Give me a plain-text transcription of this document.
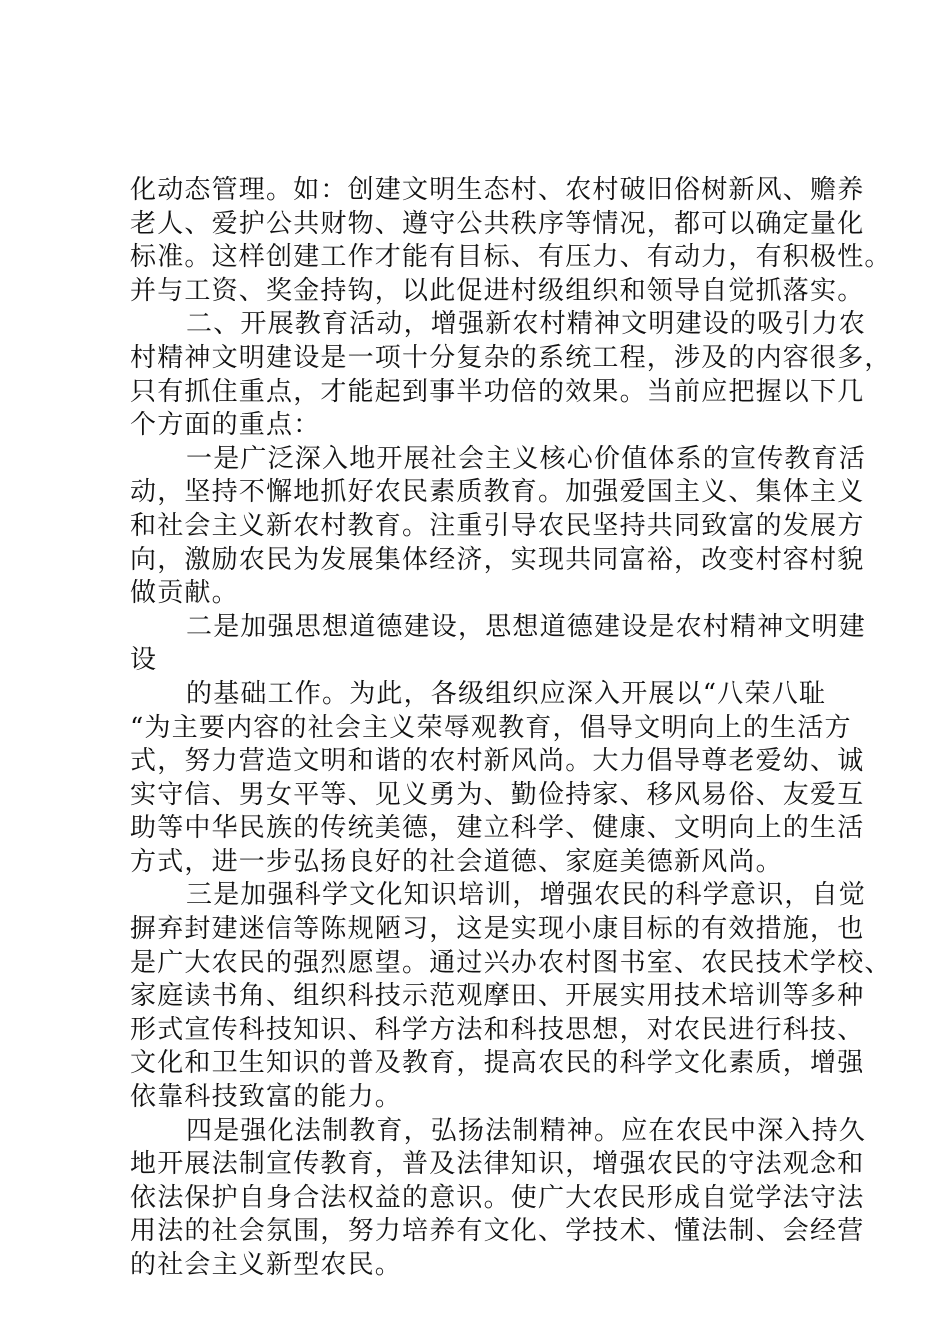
化动态管理。如：创建文明生态村、农村破旧俗树新风、赡养
老人、爱护公共财物、遵守公共秩序等情况，都可以确定量化
标准。这样创建工作才能有目标、有压力、有动力，有积极性。
并与工资、奖金持钩，以此促进村级组织和领导自觉抓落实。
二、开展教育活动，增强新农村精神文明建设的吸引力农
村精神文明建设是一项十分复杂的系统工程，涉及的内容很多，
只有抓住重点，才能起到事半功倍的效果。当前应把握以下几
个方面的重点：
一是广泛深入地开展社会主义核心价值体系的宣传教育活
动，坚持不懈地抓好农民素质教育。加强爱国主义、集体主义
和社会主义新农村教育。注重引导农民坚持共同致富的发展方
向，激励农民为发展集体经济，实现共同富裕，改变村容村貌
做贡献。
二是加强思想道德建设，思想道德建设是农村精神文明建
设
的基础工作。为此，各级组织应深入开展以“八荣八耻
“为主要内容的社会主义荣辱观教育，倡导文明向上的生活方
式，努力营造文明和谐的农村新风尚。大力倡导尊老爱幼、诚
实守信、男女平等、见义勇为、勤俭持家、移风易俗、友爱互
助等中华民族的传统美德，建立科学、健康、文明向上的生活
方式，进一步弘扬良好的社会道德、家庭美德新风尚。
三是加强科学文化知识培训，增强农民的科学意识，自觉
摒弃封建迷信等陈规陋习，这是实现小康目标的有效措施，也
是广大农民的强烈愿望。通过兴办农村图书室、农民技术学校、
家庭读书角、组织科技示范观摩田、开展实用技术培训等多种
形式宣传科技知识、科学方法和科技思想，对农民进行科技、
文化和卫生知识的普及教育，提高农民的科学文化素质，增强
依靠科技致富的能力。
四是强化法制教育，弘扬法制精神。应在农民中深入持久
地开展法制宣传教育，普及法律知识，增强农民的守法观念和
依法保护自身合法权益的意识。使广大农民形成自觉学法守法
用法的社会氛围，努力培养有文化、学技术、懂法制、会经营
的社会主义新型农民。
